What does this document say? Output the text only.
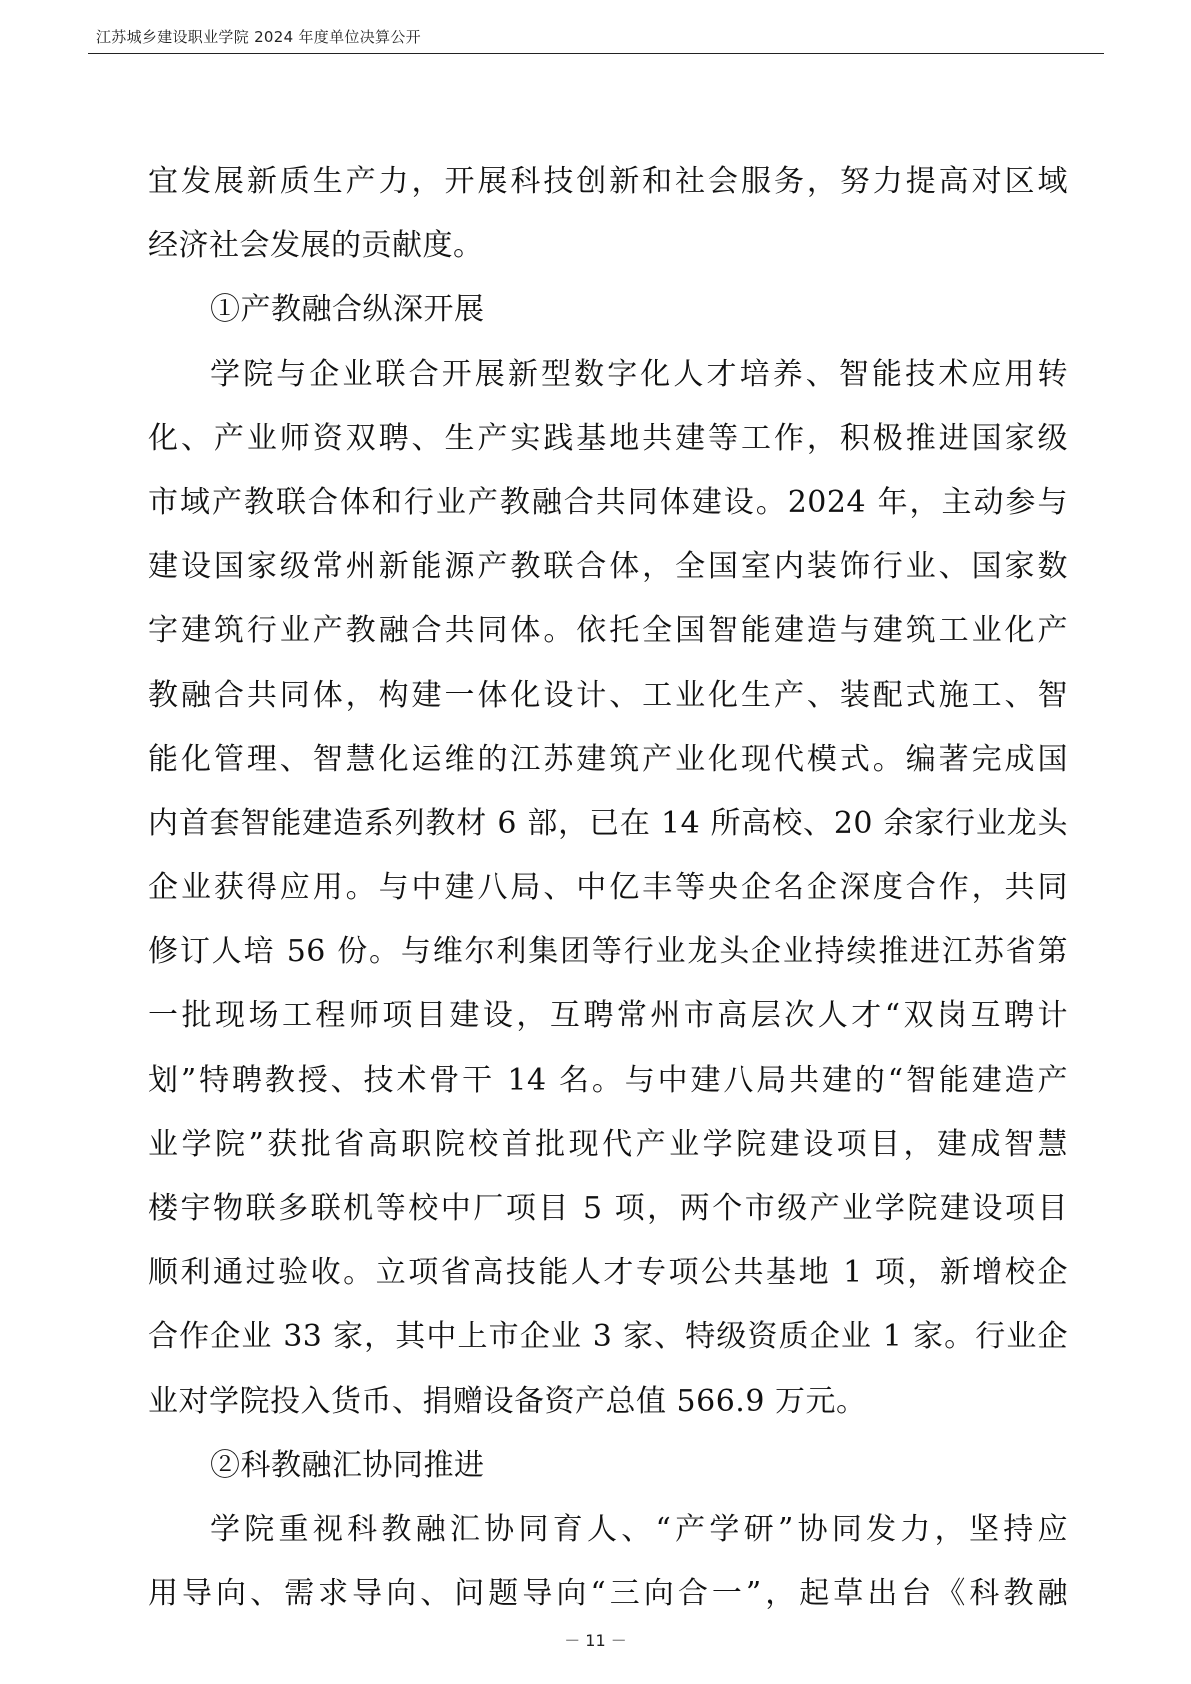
江苏城乡建设职业学院 2024 年度单位决算公开
宜发展新质生产力，开展科技创新和社会服务，努力提高对区域
经济社会发展的贡献度。
①产教融合纵深开展
学院与企业联合开展新型数字化人才培养、智能技术应用转
化、产业师资双聘、生产实践基地共建等工作，积极推进国家级
市域产教联合体和行业产教融合共同体建设。2024 年，主动参与
建设国家级常州新能源产教联合体，全国室内装饰行业、国家数
字建筑行业产教融合共同体。依托全国智能建造与建筑工业化产
教融合共同体，构建一体化设计、工业化生产、装配式施工、智
能化管理、智慧化运维的江苏建筑产业化现代模式。编著完成国
内首套智能建造系列教材 6 部，已在 14 所高校、20 余家行业龙头
企业获得应用。与中建八局、中亿丰等央企名企深度合作，共同
修订人培 56 份。与维尔利集团等行业龙头企业持续推进江苏省第
一批现场工程师项目建设，互聘常州市高层次人才“双岗互聘计
划”特聘教授、技术骨干 14 名。与中建八局共建的“智能建造产
业学院”获批省高职院校首批现代产业学院建设项目，建成智慧
楼宇物联多联机等校中厂项目 5 项，两个市级产业学院建设项目
顺利通过验收。立项省高技能人才专项公共基地 1 项，新增校企
合作企业 33 家，其中上市企业 3 家、特级资质企业 1 家。行业企
业对学院投入货币、捐赠设备资产总值 566.9 万元。
②科教融汇协同推进
学院重视科教融汇协同育人、“产学研”协同发力，坚持应
用导向、需求导向、问题导向“三向合一”，起草出台《科教融
－ 11 －
